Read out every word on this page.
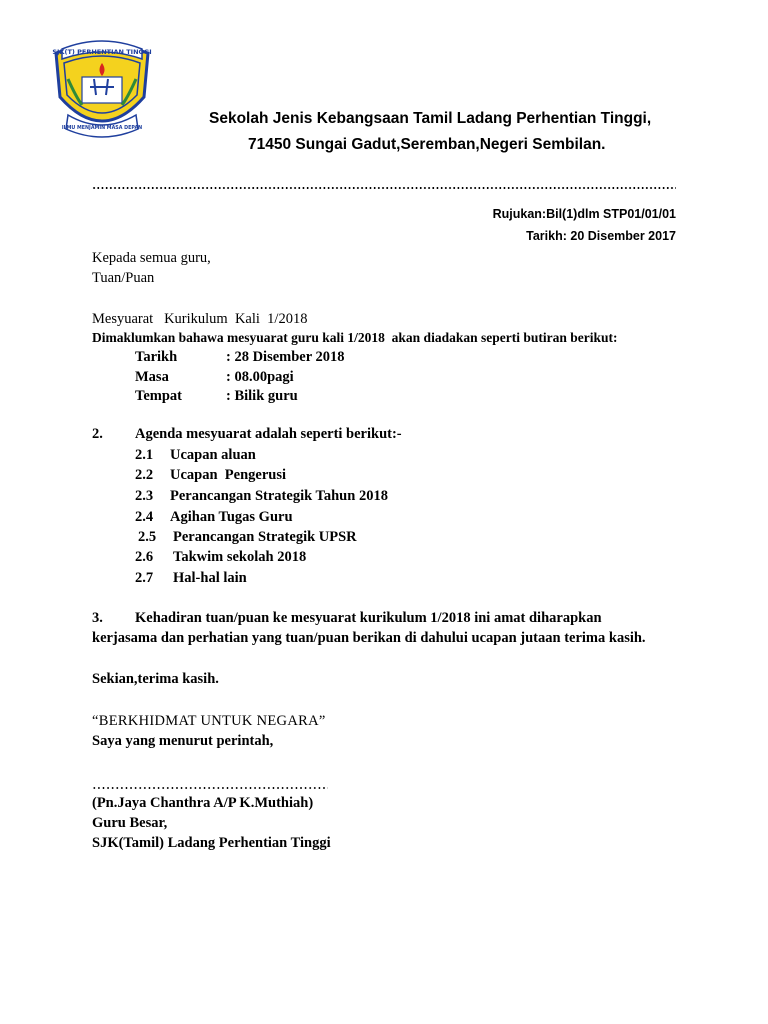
SJK(T) PERHENTIAN TINGGI
ILMU MENJAMIN MASA DEPAN
Sekolah Jenis Kebangsaan Tamil Ladang Perhentian Tinggi,
71450 Sungai Gadut,Seremban,Negeri Sembilan.
Rujukan:Bil(1)dlm STP01/01/01
Tarikh: 20 Disember 2017
Kepada semua guru,
Tuan/Puan
Mesyuarat   Kurikulum  Kali  1/2018
Dimaklumkan bahawa mesyuarat guru kali 1/2018  akan diadakan seperti butiran berikut:
Tarikh	: 28 Disember 2018
Masa	: 08.00pagi
Tempat	: Bilik guru
2. Agenda mesyuarat adalah seperti berikut:-
2.1 Ucapan aluan
2.2 Ucapan  Pengerusi
2.3 Perancangan Strategik Tahun 2018
2.4 Agihan Tugas Guru
2.5 Perancangan Strategik UPSR
2.6 Takwim sekolah 2018
2.7 Hal-hal lain
3. Kehadiran tuan/puan ke mesyuarat kurikulum 1/2018 ini amat diharapkan
kerjasama dan perhatian yang tuan/puan berikan di dahului ucapan jutaan terima kasih.
Sekian,terima kasih.
“BERKHIDMAT UNTUK NEGARA”
Saya yang menurut perintah,
(Pn.Jaya Chanthra A/P K.Muthiah)
Guru Besar,
SJK(Tamil) Ladang Perhentian Tinggi
